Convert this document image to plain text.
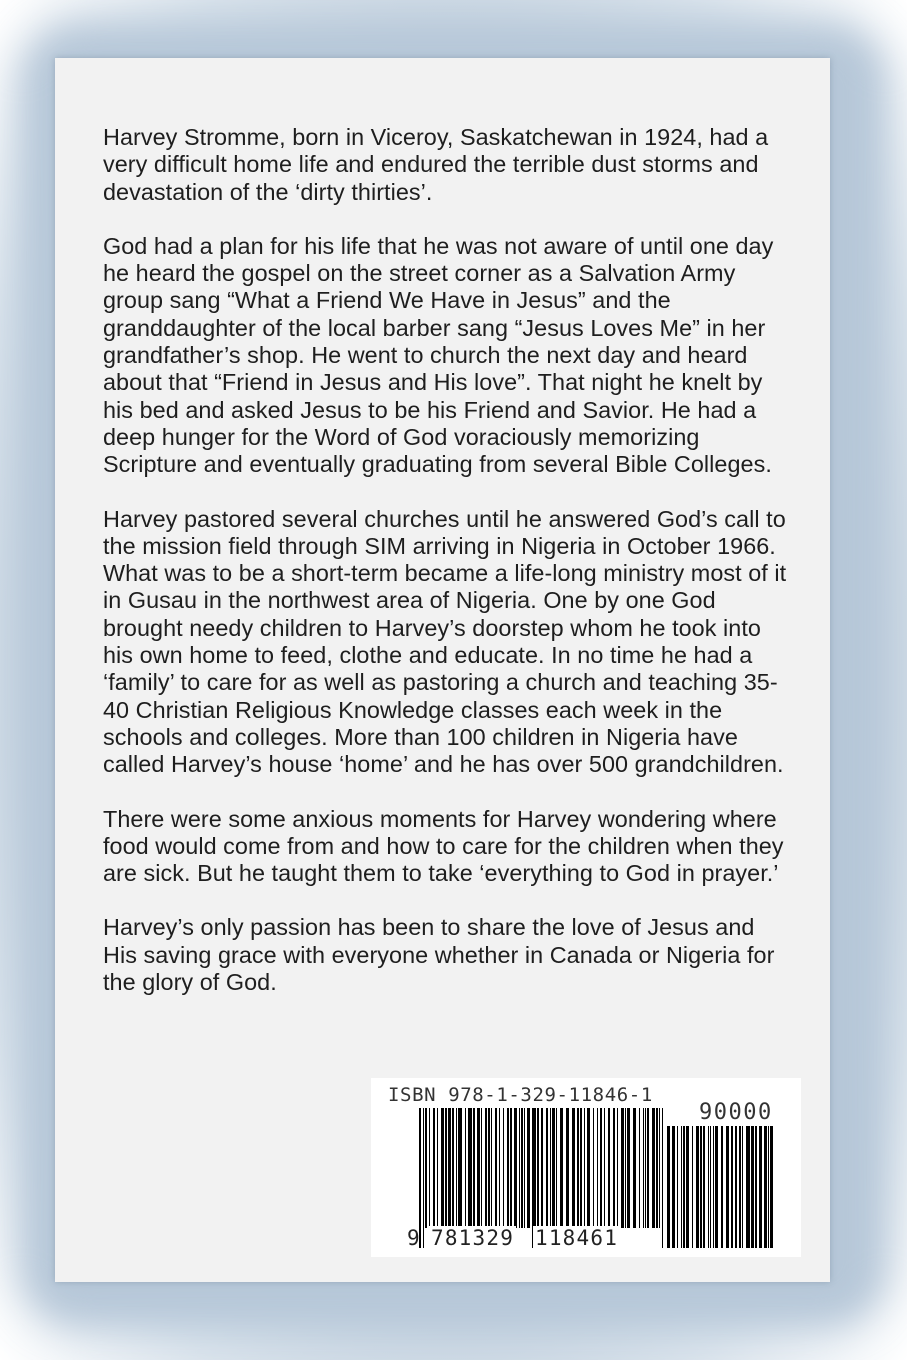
Harvey Stromme, born in Viceroy, Saskatchewan in 1924, had a very difficult home life and endured the terrible dust storms and devastation of the ‘dirty thirties’.

God had a plan for his life that he was not aware of until one day he heard the gospel on the street corner as a Salvation Army group sang “What a Friend We Have in Jesus” and the granddaughter of the local barber sang “Jesus Loves Me” in her grandfather’s shop. He went to church the next day and heard about that “Friend in Jesus and His love”. That night he knelt by his bed and asked Jesus to be his Friend and Savior. He had a deep hunger for the Word of God voraciously memorizing Scripture and eventually graduating from several Bible Colleges.

Harvey pastored several churches until he answered God’s call to the mission field through SIM arriving in Nigeria in October 1966. What was to be a short-term became a life-long ministry most of it in Gusau in the northwest area of Nigeria. One by one God brought needy children to Harvey’s doorstep whom he took into his own home to feed, clothe and educate. In no time he had a ‘family’ to care for as well as pastoring a church and teaching 35-40 Christian Religious Knowledge classes each week in the schools and colleges. More than 100 children in Nigeria have called Harvey’s house ‘home’ and he has over 500 grandchildren.

There were some anxious moments for Harvey wondering where food would come from and how to care for the children when they are sick. But he taught them to take ‘everything to God in prayer.’

Harvey’s only passion has been to share the love of Jesus and His saving grace with everyone whether in Canada or Nigeria for the glory of God.

ISBN 978-1-329-11846-1
90000
9 781329 118461
